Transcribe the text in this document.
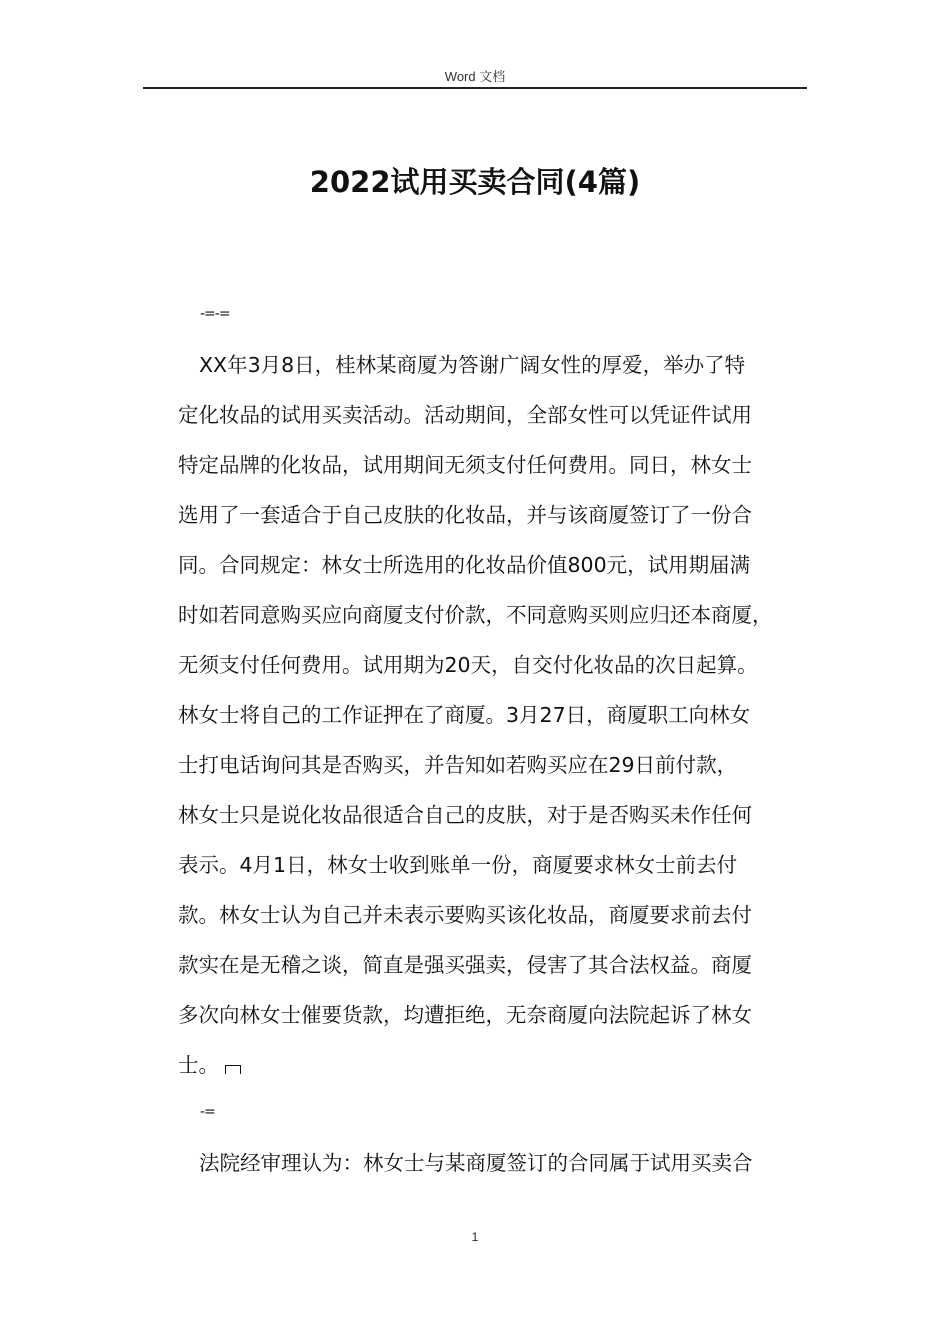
Word 文档
2022试用买卖合同(4篇)
-=-=
XX年3月8日，桂林某商厦为答谢广阔女性的厚爱，举办了特
定化妆品的试用买卖活动。活动期间，全部女性可以凭证件试用
特定品牌的化妆品，试用期间无须支付任何费用。同日，林女士
选用了一套适合于自己皮肤的化妆品，并与该商厦签订了一份合
同。合同规定：林女士所选用的化妆品价值800元，试用期届满
时如若同意购买应向商厦支付价款，不同意购买则应归还本商厦，
无须支付任何费用。试用期为20天，自交付化妆品的次日起算。
林女士将自己的工作证押在了商厦。3月27日，商厦职工向林女
士打电话询问其是否购买，并告知如若购买应在29日前付款，
林女士只是说化妆品很适合自己的皮肤，对于是否购买未作任何
表示。4月1日，林女士收到账单一份，商厦要求林女士前去付
款。林女士认为自己并未表示要购买该化妆品，商厦要求前去付
款实在是无稽之谈，简直是强买强卖，侵害了其合法权益。商厦
多次向林女士催要货款，均遭拒绝，无奈商厦向法院起诉了林女
士。
-=
法院经审理认为：林女士与某商厦签订的合同属于试用买卖合
1
